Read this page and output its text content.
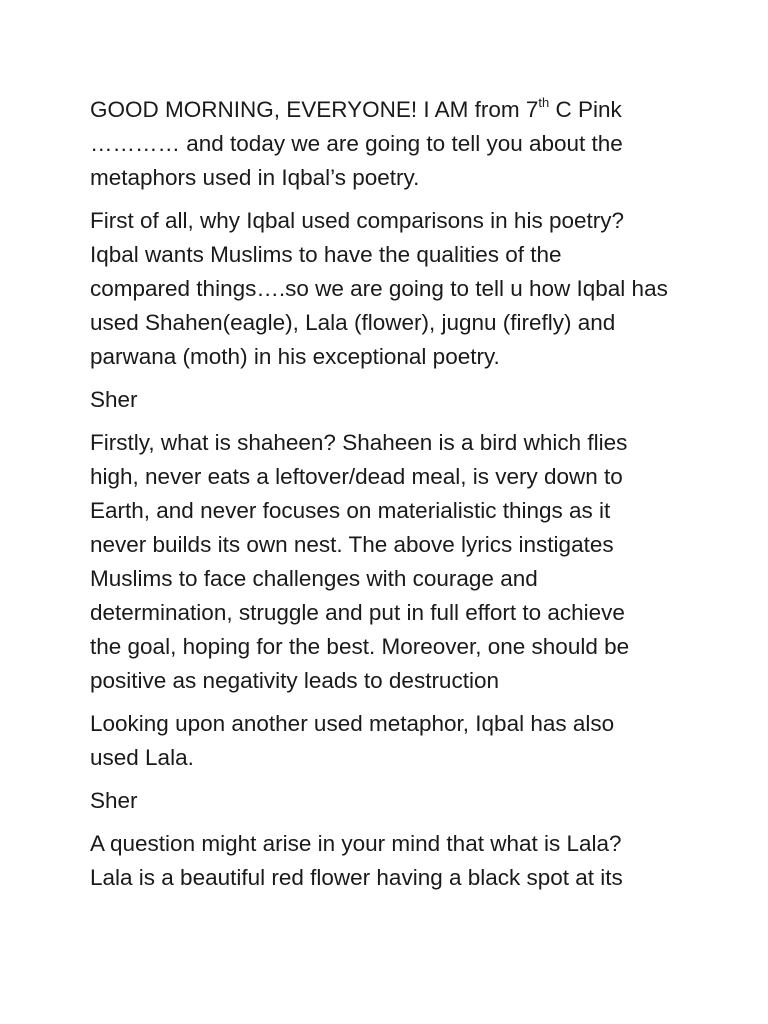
GOOD MORNING, EVERYONE! I AM from 7th C Pink
………… and today we are going to tell you about the
metaphors used in Iqbal’s poetry.

First of all, why Iqbal used comparisons in his poetry?
Iqbal wants Muslims to have the qualities of the
compared things….so we are going to tell u how Iqbal has
used Shahen(eagle), Lala (flower), jugnu (firefly) and
parwana (moth) in his exceptional poetry.

Sher

Firstly, what is shaheen? Shaheen is a bird which flies
high, never eats a leftover/dead meal, is very down to
Earth, and never focuses on materialistic things as it
never builds its own nest. The above lyrics instigates
Muslims to face challenges with courage and
determination, struggle and put in full effort to achieve
the goal, hoping for the best. Moreover, one should be
positive as negativity leads to destruction

Looking upon another used metaphor, Iqbal has also
used Lala.

Sher

A question might arise in your mind that what is Lala?
Lala is a beautiful red flower having a black spot at its
